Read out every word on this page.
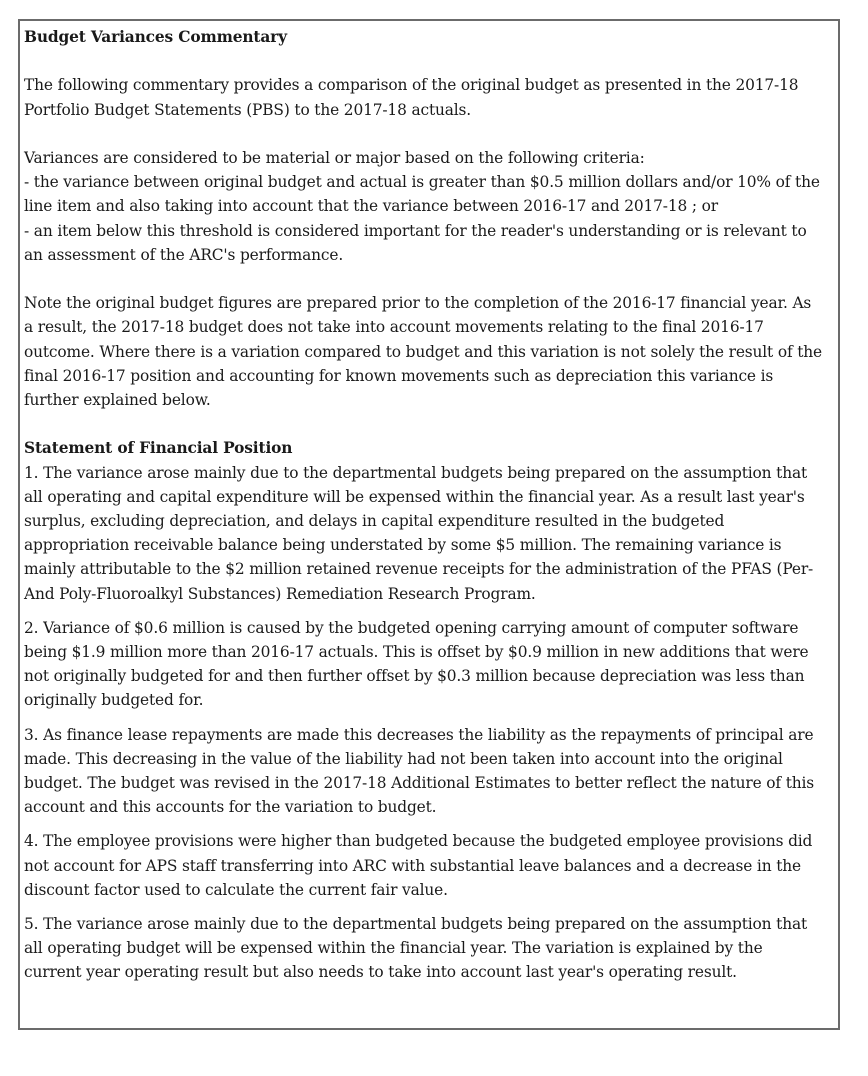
Budget Variances Commentary

The following commentary provides a comparison of the original budget as presented in the 2017-18

Portfolio Budget Statements (PBS) to the 2017-18 actuals.

Variances are considered to be material or major based on the following criteria:

- the variance between original budget and actual is greater than $0.5 million dollars and/or 10% of the

line item and also taking into account that the variance between 2016-17 and 2017-18 ; or

- an item below this threshold is considered important for the reader's understanding or is relevant to

an assessment of the ARC's performance.

Note the original budget figures are prepared prior to the completion of the 2016-17 financial year. As

a result, the 2017-18 budget does not take into account movements relating to the final 2016-17

outcome. Where there is a variation compared to budget and this variation is not solely the result of the

final 2016-17 position and accounting for known movements such as depreciation this variance is

further explained below.

Statement of Financial Position

1. The variance arose mainly due to the departmental budgets being prepared on the assumption that

all operating and capital expenditure will be expensed within the financial year. As a result last year's

surplus, excluding depreciation, and delays in capital expenditure resulted in the budgeted

appropriation receivable balance being understated by some $5 million. The remaining variance is

mainly attributable to the $2 million retained revenue receipts for the administration of the PFAS (Per-

And Poly-Fluoroalkyl Substances) Remediation Research Program.

2. Variance of $0.6 million is caused by the budgeted opening carrying amount of computer software

being $1.9 million more than 2016-17 actuals. This is offset by $0.9 million in new additions that were

not originally budgeted for and then further offset by $0.3 million because depreciation was less than

originally budgeted for.

3. As finance lease repayments are made this decreases the liability as the repayments of principal are

made. This decreasing in the value of the liability had not been taken into account into the original

budget. The budget was revised in the 2017-18 Additional Estimates to better reflect the nature of this

account and this accounts for the variation to budget.

4. The employee provisions were higher than budgeted because the budgeted employee provisions did

not account for APS staff transferring into ARC with substantial leave balances and a decrease in the

discount factor used to calculate the current fair value.

5. The variance arose mainly due to the departmental budgets being prepared on the assumption that

all operating budget will be expensed within the financial year. The variation is explained by the

current year operating result but also needs to take into account last year's operating result.
